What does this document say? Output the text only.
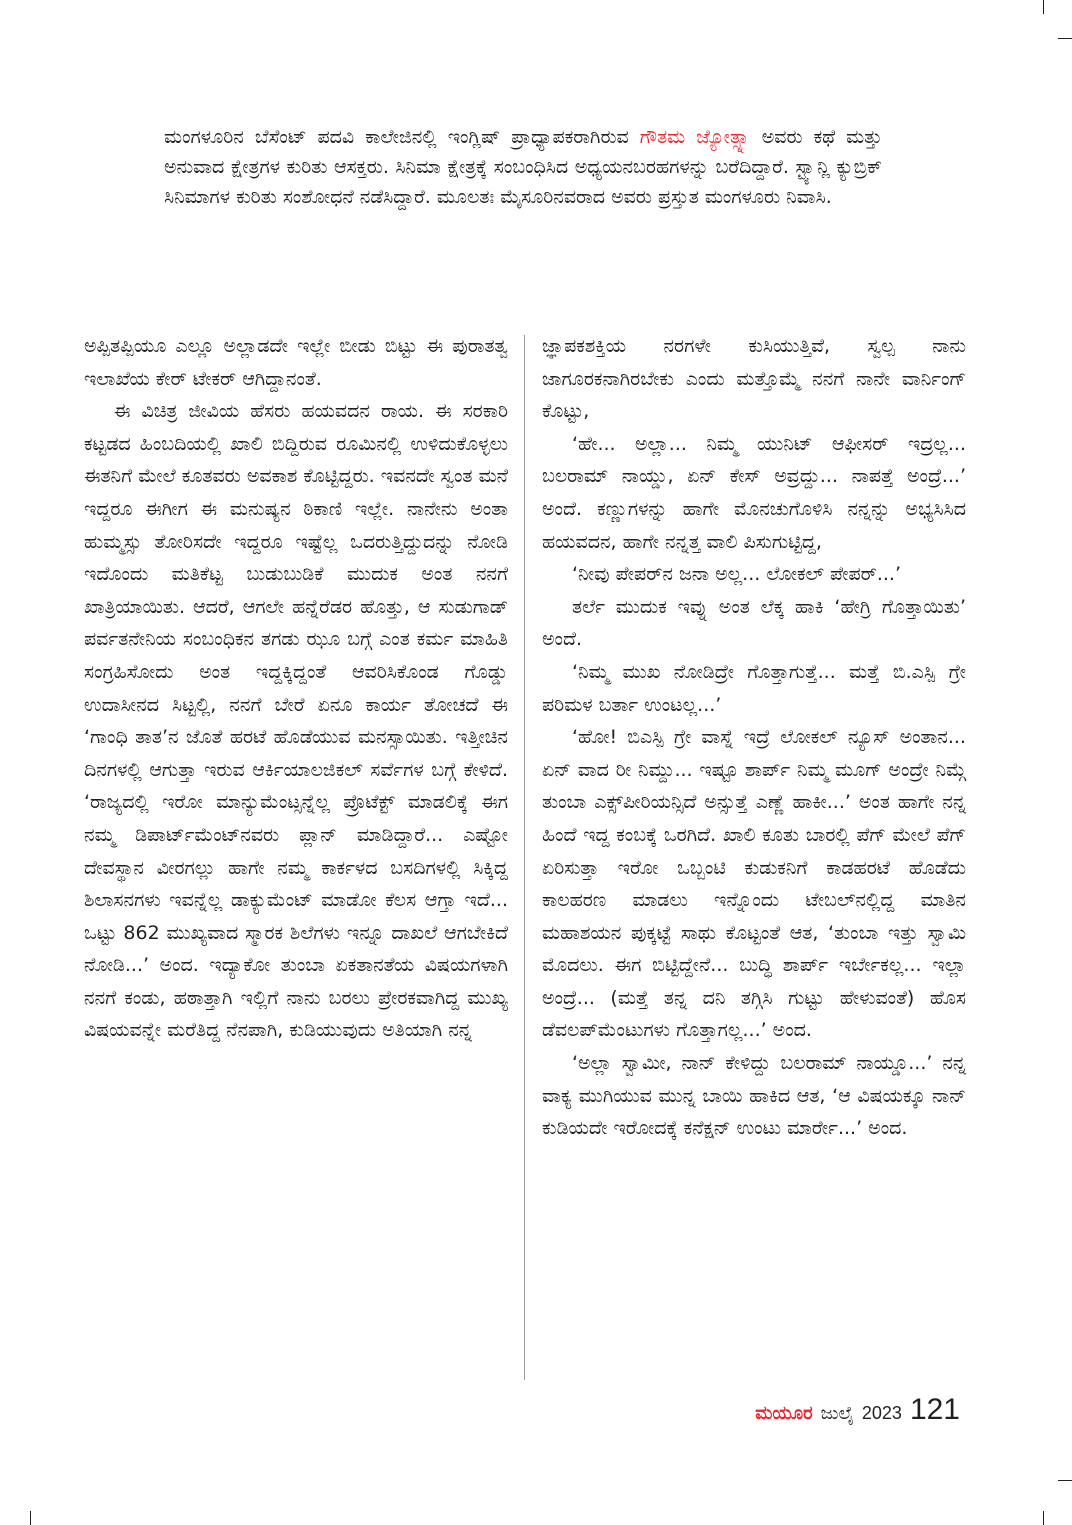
ಮಂಗಳೂರಿನ ಬೆಸೆಂಟ್ ಪದವಿ ಕಾಲೇಜಿನಲ್ಲಿ ಇಂಗ್ಲಿಷ್ ಪ್ರಾಧ್ಯಾಪಕರಾಗಿರುವ ಗೌತಮ ಜ್ಯೋತ್ಸ್ನಾ ಅವರು ಕಥೆ ಮತ್ತು ಅನುವಾದ ಕ್ಷೇತ್ರಗಳ ಕುರಿತು ಆಸಕ್ತರು. ಸಿನಿಮಾ ಕ್ಷೇತ್ರಕ್ಕೆ ಸಂಬಂಧಿಸಿದ ಅಧ್ಯಯನಬರಹಗಳನ್ನು ಬರೆದಿದ್ದಾರೆ. ಸ್ಟ್ಯಾನ್ಲಿ ಕ್ಯುಬ್ರಿಕ್ ಸಿನಿಮಾಗಳ ಕುರಿತು ಸಂಶೋಧನೆ ನಡೆಸಿದ್ದಾರೆ. ಮೂಲತಃ ಮೈಸೂರಿನವರಾದ ಅವರು ಪ್ರಸ್ತುತ ಮಂಗಳೂರು ನಿವಾಸಿ.

ಅಪ್ಪಿತಪ್ಪಿಯೂ ಎಲ್ಲೂ ಅಲ್ಲಾಡದೇ ಇಲ್ಲೇ ಬೀಡು ಬಿಟ್ಟು ಈ ಪುರಾತತ್ವ ಇಲಾಖೆಯ ಕೇರ್ ಟೇಕರ್ ಆಗಿದ್ದಾನಂತೆ.

ಈ ವಿಚಿತ್ರ ಜೀವಿಯ ಹೆಸರು ಹಯವದನ ರಾಯ. ಈ ಸರಕಾರಿ ಕಟ್ಟಡದ ಹಿಂಬದಿಯಲ್ಲಿ ಖಾಲಿ ಬಿದ್ದಿರುವ ರೂಮಿನಲ್ಲಿ ಉಳಿದುಕೊಳ್ಳಲು ಈತನಿಗೆ ಮೇಲೆ ಕೂತವರು ಅವಕಾಶ ಕೊಟ್ಟಿದ್ದರು. ಇವನದೇ ಸ್ವಂತ ಮನೆ ಇದ್ದರೂ ಈಗೀಗ ಈ ಮನುಷ್ಯನ ಠಿಕಾಣಿ ಇಲ್ಲೇ. ನಾನೇನು ಅಂತಾ ಹುಮ್ಮಸ್ಸು ತೋರಿಸದೇ ಇದ್ದರೂ ಇಷ್ಟೆಲ್ಲ ಒದರುತ್ತಿದ್ದುದನ್ನು ನೋಡಿ ಇದೊಂದು ಮತಿಕೆಟ್ಟ ಬುಡುಬುಡಿಕೆ ಮುದುಕ ಅಂತ ನನಗೆ ಖಾತ್ರಿಯಾಯಿತು. ಆದರೆ, ಆಗಲೇ ಹನ್ನೆರೆಡರ ಹೊತ್ತು, ಆ ಸುಡುಗಾಡ್ ಪರ್ವತನೇನಿಯ ಸಂಬಂಧಿಕನ ತಗಡು ಝೂ ಬಗ್ಗೆ ಎಂತ ಕರ್ಮ ಮಾಹಿತಿ ಸಂಗ್ರಹಿಸೋದು ಅಂತ ಇದ್ದಕ್ಕಿದ್ದಂತೆ ಆವರಿಸಿಕೊಂಡ ಗೊಡ್ಡು ಉದಾಸೀನದ ಸಿಟ್ಟಲ್ಲಿ, ನನಗೆ ಬೇರೆ ಏನೂ ಕಾರ್ಯ ತೋಚದೆ ಈ ‘ಗಾಂಧಿ ತಾತ’ನ ಜೊತೆ ಹರಟೆ ಹೊಡೆಯುವ ಮನಸ್ಸಾಯಿತು. ಇತ್ತೀಚಿನ ದಿನಗಳಲ್ಲಿ ಆಗುತ್ತಾ ಇರುವ ಆರ್ಕಿಯಾಲಜಿಕಲ್ ಸರ್ವೆಗಳ ಬಗ್ಗೆ ಕೇಳಿದೆ. ‘ರಾಜ್ಯದಲ್ಲಿ ಇರೋ ಮಾನ್ಯುಮೆಂಟ್ಸನ್ನೆಲ್ಲ ಪ್ರೊಟೆಕ್ಟ್ ಮಾಡಲಿಕ್ಕೆ ಈಗ ನಮ್ಮ ಡಿಪಾರ್ಟ್‌ಮೆಂಟ್‌ನವರು ಪ್ಲಾನ್ ಮಾಡಿದ್ದಾರೆ... ಎಷ್ಟೋ ದೇವಸ್ಥಾನ ವೀರಗಲ್ಲು ಹಾಗೇ ನಮ್ಮ ಕಾರ್ಕಳದ ಬಸದಿಗಳಲ್ಲಿ ಸಿಕ್ಕಿದ್ದ ಶಿಲಾಸನಗಳು ಇವನ್ನೆಲ್ಲ ಡಾಕ್ಯುಮೆಂಟ್ ಮಾಡೋ ಕೆಲಸ ಆಗ್ತಾ ಇದೆ... ಒಟ್ಟು 862 ಮುಖ್ಯವಾದ ಸ್ಮಾರಕ ಶಿಲೆಗಳು ಇನ್ನೂ ದಾಖಲೆ ಆಗಬೇಕಿದೆ ನೋಡಿ...’ ಅಂದ. ಇದ್ಯಾಕೋ ತುಂಬಾ ಏಕತಾನತೆಯ ವಿಷಯಗಳಾಗಿ ನನಗೆ ಕಂಡು, ಹಠಾತ್ತಾಗಿ ಇಲ್ಲಿಗೆ ನಾನು ಬರಲು ಪ್ರೇರಕವಾಗಿದ್ದ ಮುಖ್ಯ ವಿಷಯವನ್ನೇ ಮರೆತಿದ್ದ ನೆನಪಾಗಿ, ಕುಡಿಯುವುದು ಅತಿಯಾಗಿ ನನ್ನ

ಜ್ಞಾಪಕಶಕ್ತಿಯ ನರಗಳೇ ಕುಸಿಯುತ್ತಿವೆ, ಸ್ವಲ್ಪ ನಾನು ಜಾಗೂರಕನಾಗಿರಬೇಕು ಎಂದು ಮತ್ತೊಮ್ಮೆ ನನಗೆ ನಾನೇ ವಾರ್ನಿಂಗ್ ಕೊಟ್ಟು,

‘ಹೇ... ಅಲ್ಲಾ... ನಿಮ್ಮ ಯುನಿಟ್ ಆಫೀಸರ್ ಇದ್ರಲ್ಲ... ಬಲರಾಮ್ ನಾಯ್ಡು, ಏನ್ ಕೇಸ್ ಅವ್ರದ್ದು... ನಾಪತ್ತೆ ಅಂದ್ರೆ...’ ಅಂದೆ. ಕಣ್ಣುಗಳನ್ನು ಹಾಗೇ ಮೊನಚುಗೊಳಿಸಿ ನನ್ನನ್ನು ಅಭ್ಯಸಿಸಿದ ಹಯವದನ, ಹಾಗೇ ನನ್ನತ್ತ ವಾಲಿ ಪಿಸುಗುಟ್ಟಿದ್ದ,

‘ನೀವು ಪೇಪರ್‌ನ ಜನಾ ಅಲ್ಲ... ಲೋಕಲ್ ಪೇಪರ್...’

ತರ್ಲೆ ಮುದುಕ ಇವ್ನು ಅಂತ ಲೆಕ್ಕ ಹಾಕಿ ‘ಹೇಗ್ರಿ ಗೊತ್ತಾಯಿತು’ ಅಂದೆ.

‘ನಿಮ್ಮ ಮುಖ ನೋಡಿದ್ರೇ ಗೊತ್ತಾಗುತ್ತೆ... ಮತ್ತೆ ಬಿ.ಎಸ್ಪಿ ಗ್ರೇ ಪರಿಮಳ ಬರ್ತಾ ಉಂಟಲ್ಲ...’

‘ಹೋ! ಬಿಎಸ್ಪಿ ಗ್ರೇ ವಾಸ್ನೆ ಇದ್ರೆ ಲೋಕಲ್ ನ್ಯೂಸ್ ಅಂತಾನ... ಏನ್ ವಾದ ರೀ ನಿಮ್ದು... ಇಷ್ಟೂ ಶಾರ್ಪ್ ನಿಮ್ಮ ಮೂಗ್ ಅಂದ್ರೇ ನಿಮ್ಗೆ ತುಂಬಾ ಎಕ್ಸ್‌ಪೀರಿಯನ್ಸಿದೆ ಅನ್ಸುತ್ತೆ ಎಣ್ಣೆ ಹಾಕೀ...’ ಅಂತ ಹಾಗೇ ನನ್ನ ಹಿಂದೆ ಇದ್ದ ಕಂಬಕ್ಕೆ ಒರಗಿದೆ. ಖಾಲಿ ಕೂತು ಬಾರಲ್ಲಿ ಪೆಗ್ ಮೇಲೆ ಪೆಗ್ ಏರಿಸುತ್ತಾ ಇರೋ ಒಬ್ಬಂಟಿ ಕುಡುಕನಿಗೆ ಕಾಡಹರಟೆ ಹೊಡೆದು ಕಾಲಹರಣ ಮಾಡಲು ಇನ್ನೊಂದು ಟೇಬಲ್‌ನಲ್ಲಿದ್ದ ಮಾತಿನ ಮಹಾಶಯನ ಪುಕ್ಕಟ್ಟೆ ಸಾಥು ಕೊಟ್ಟಂತೆ ಆತ, ‘ತುಂಬಾ ಇತ್ತು ಸ್ವಾಮಿ ಮೊದಲು. ಈಗ ಬಿಟ್ಟಿದ್ದೇನೆ... ಬುದ್ಧಿ ಶಾರ್ಪ್ ಇರ್ಬೇಕಲ್ಲ... ಇಲ್ಲಾ ಅಂದ್ರೆ... (ಮತ್ತೆ ತನ್ನ ದನಿ ತಗ್ಗಿಸಿ ಗುಟ್ಟು ಹೇಳುವಂತೆ) ಹೊಸ ಡೆವಲಪ್‌ಮೆಂಟುಗಳು ಗೊತ್ತಾಗಲ್ಲ...’ ಅಂದ.

‘ಅಲ್ಲಾ ಸ್ವಾಮೀ, ನಾನ್ ಕೇಳಿದ್ದು ಬಲರಾಮ್ ನಾಯ್ಡೂ...’ ನನ್ನ ವಾಕ್ಯ ಮುಗಿಯುವ ಮುನ್ನ ಬಾಯಿ ಹಾಕಿದ ಆತ, ‘ಆ ವಿಷಯಕ್ಕೂ ನಾನ್ ಕುಡಿಯದೇ ಇರೋದಕ್ಕೆ ಕನೆಕ್ಷನ್ ಉಂಟು ಮಾರ್ರೇ...’ ಅಂದ.

ಮಯೂರ ಜುಲೈ 2023 121
